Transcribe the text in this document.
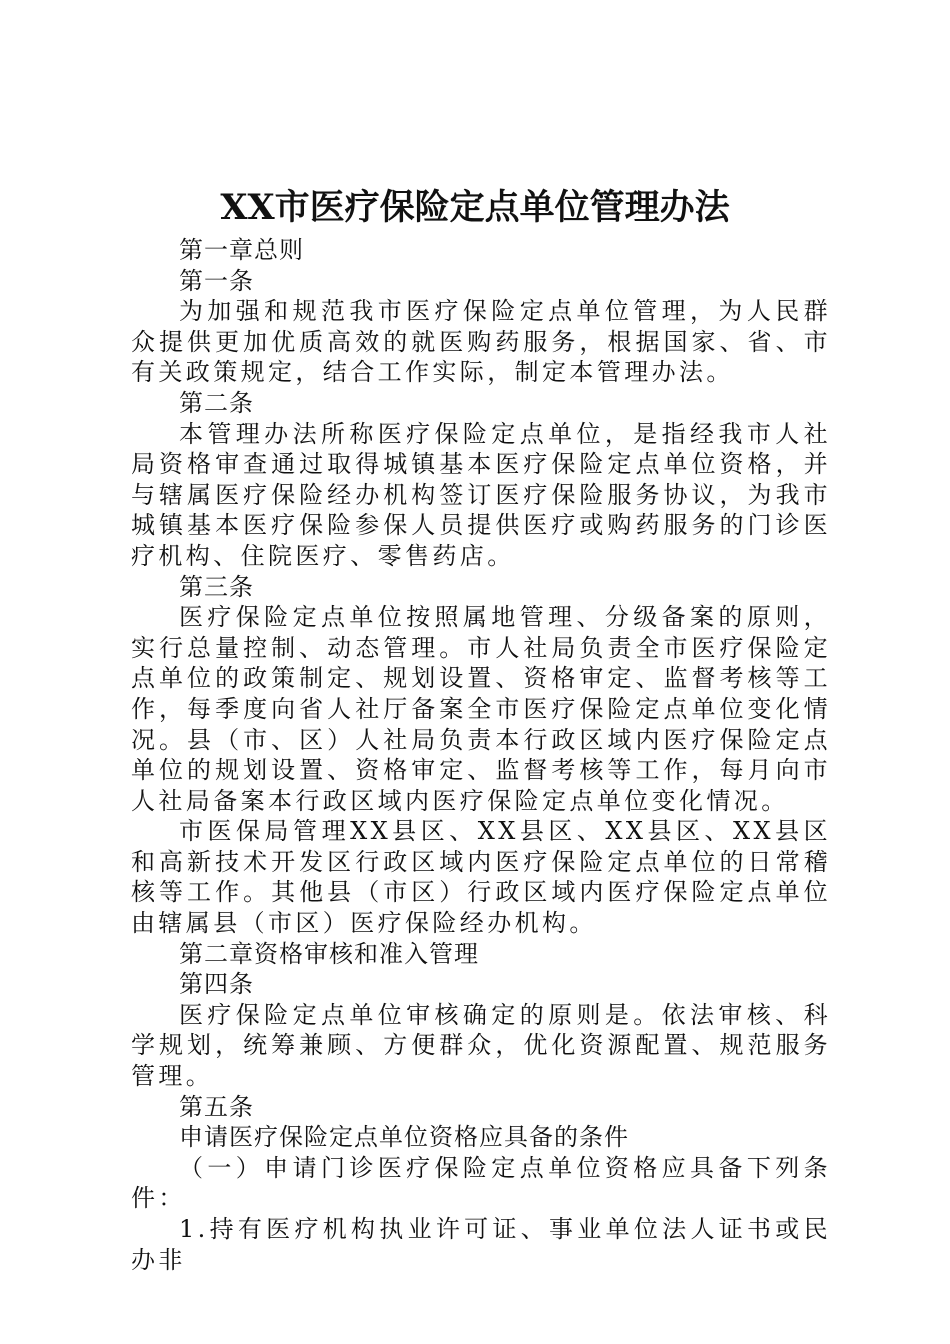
XX市医疗保险定点单位管理办法

第一章总则

第一条

为加强和规范我市医疗保险定点单位管理，为人民群众提供更加优质高效的就医购药服务，根据国家、省、市有关政策规定，结合工作实际，制定本管理办法。

第二条

本管理办法所称医疗保险定点单位，是指经我市人社局资格审查通过取得城镇基本医疗保险定点单位资格，并与辖属医疗保险经办机构签订医疗保险服务协议，为我市城镇基本医疗保险参保人员提供医疗或购药服务的门诊医疗机构、住院医疗、零售药店。

第三条

医疗保险定点单位按照属地管理、分级备案的原则，实行总量控制、动态管理。市人社局负责全市医疗保险定点单位的政策制定、规划设置、资格审定、监督考核等工作，每季度向省人社厅备案全市医疗保险定点单位变化情况。县（市、区）人社局负责本行政区域内医疗保险定点单位的规划设置、资格审定、监督考核等工作，每月向市人社局备案本行政区域内医疗保险定点单位变化情况。

市医保局管理XX县区、XX县区、XX县区、XX县区和高新技术开发区行政区域内医疗保险定点单位的日常稽核等工作。其他县（市区）行政区域内医疗保险定点单位由辖属县（市区）医疗保险经办机构。

第二章资格审核和准入管理

第四条

医疗保险定点单位审核确定的原则是。依法审核、科学规划，统筹兼顾、方便群众，优化资源配置、规范服务管理。

第五条

申请医疗保险定点单位资格应具备的条件

（一）申请门诊医疗保险定点单位资格应具备下列条件：

1.持有医疗机构执业许可证、事业单位法人证书或民办非
